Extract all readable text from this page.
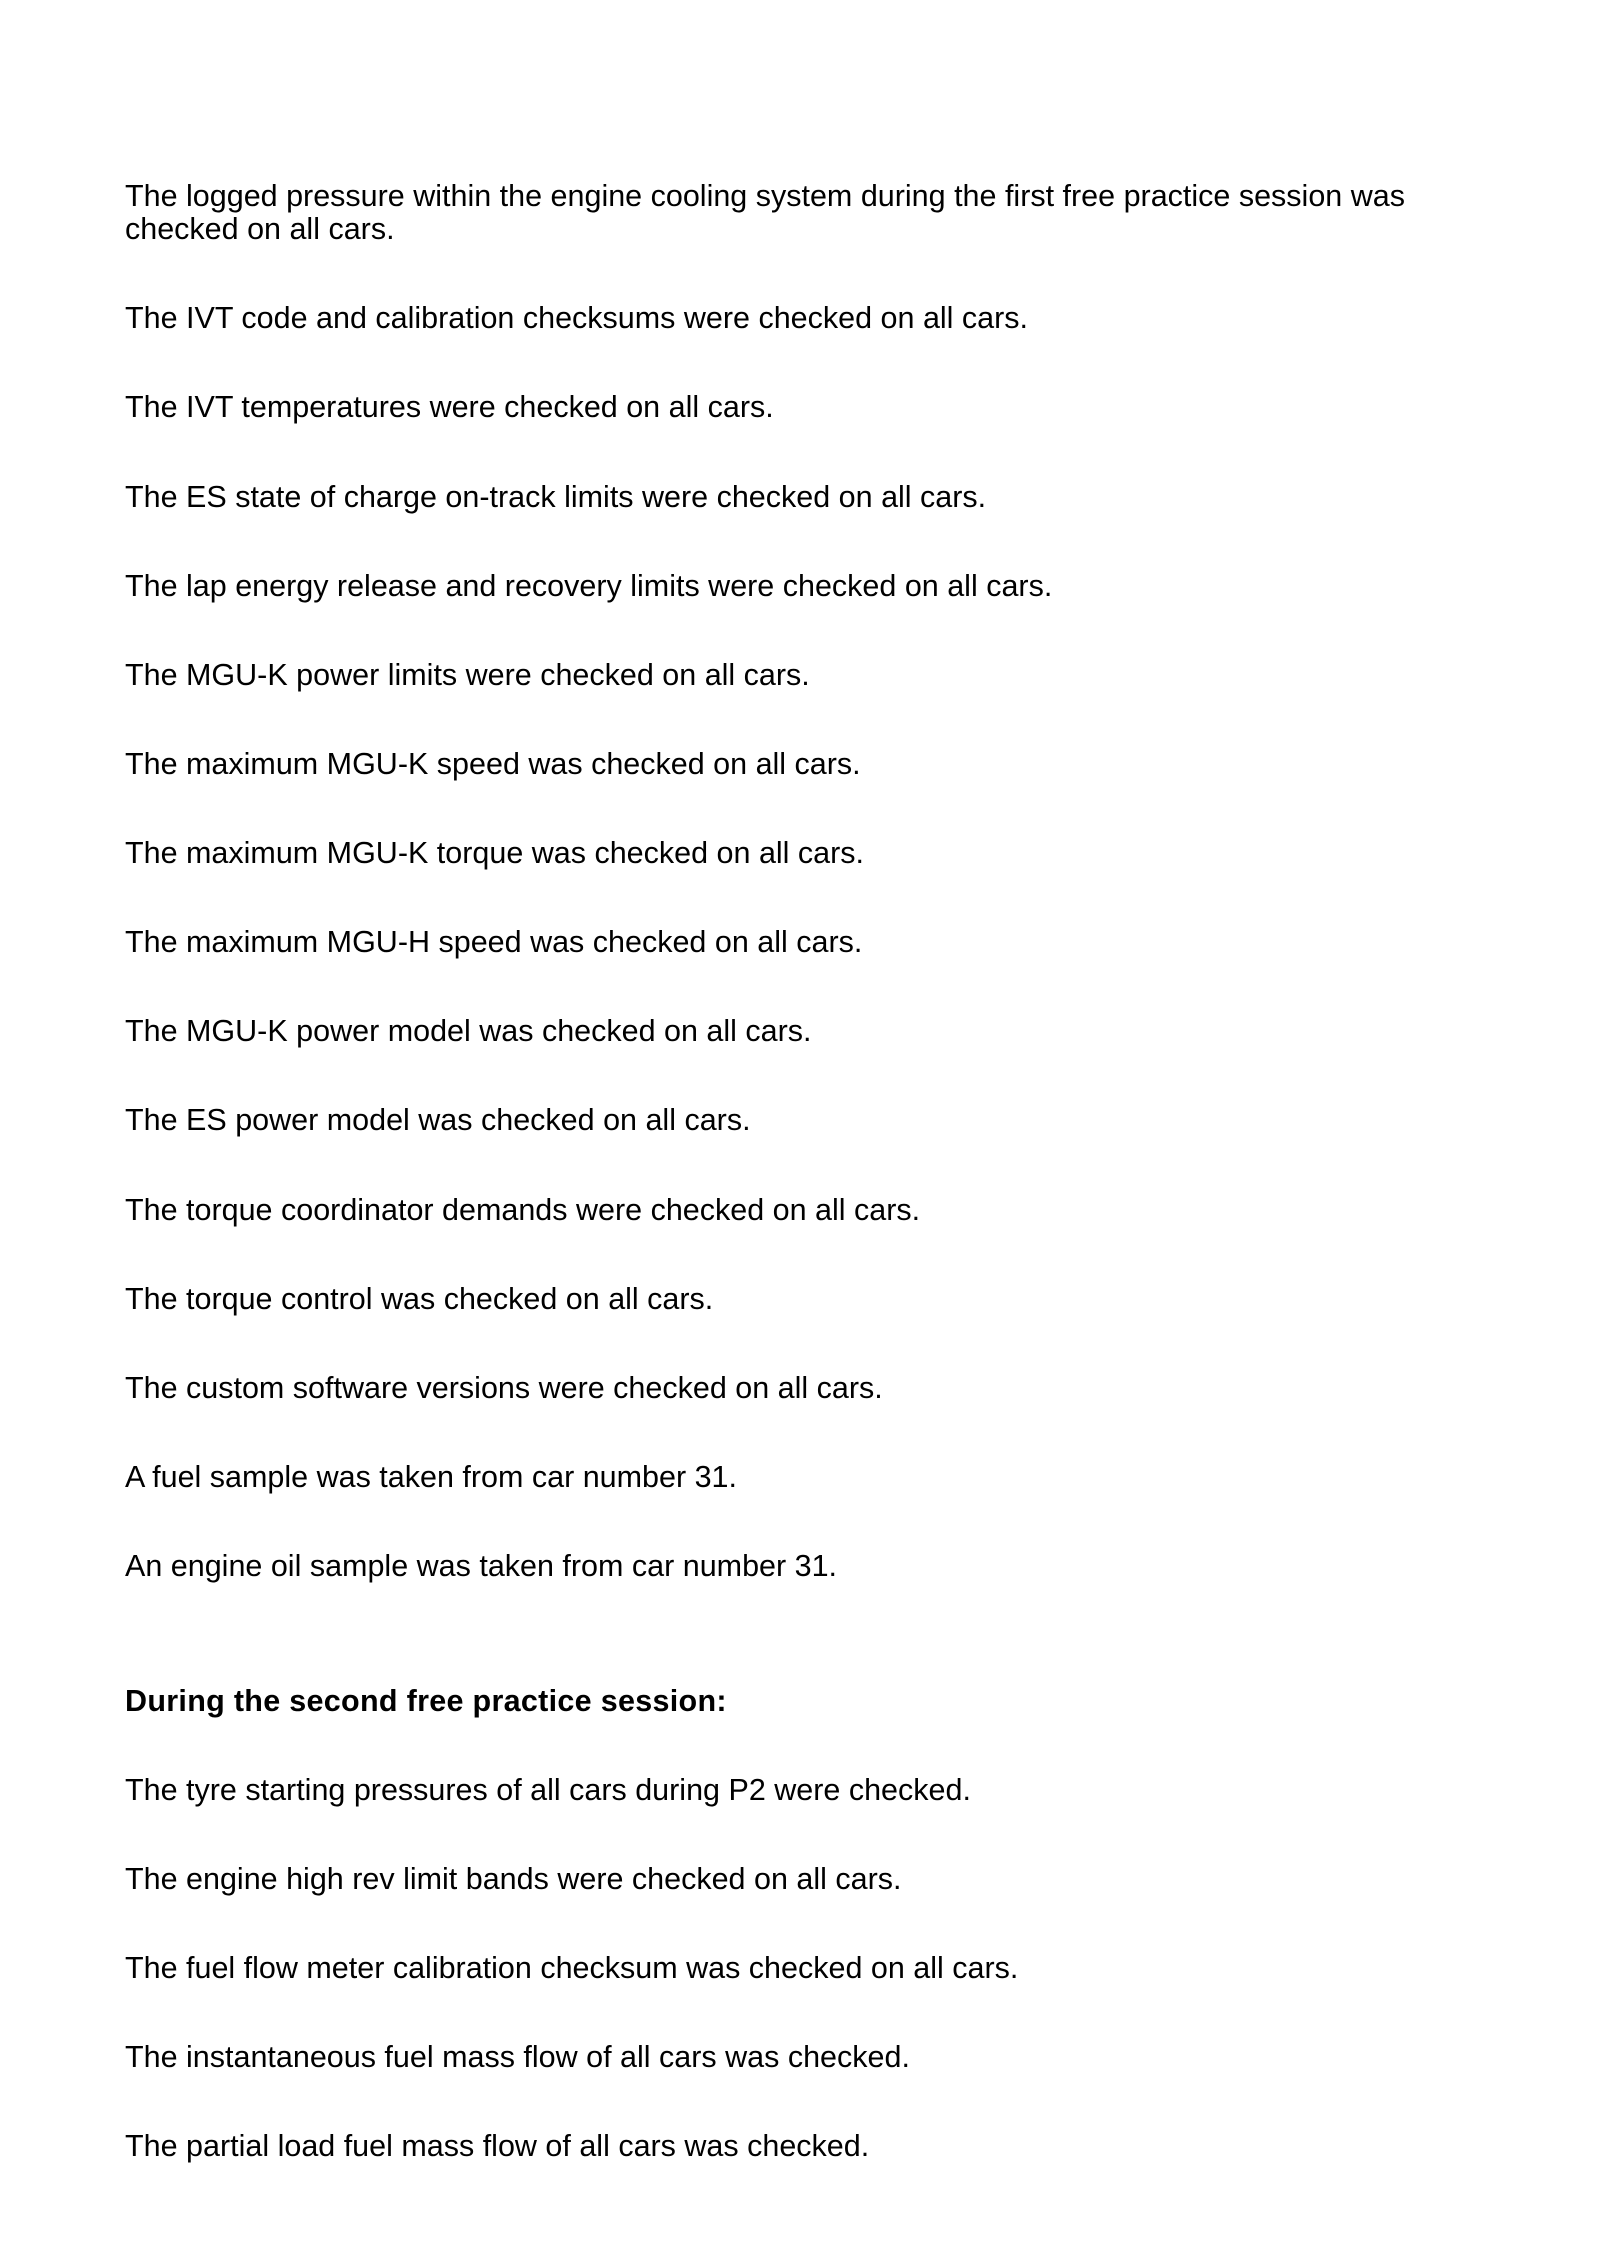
The logged pressure within the engine cooling system during the first free practice session was checked on all cars.

The IVT code and calibration checksums were checked on all cars.

The IVT temperatures were checked on all cars.

The ES state of charge on-track limits were checked on all cars.

The lap energy release and recovery limits were checked on all cars.

The MGU-K power limits were checked on all cars.

The maximum MGU-K speed was checked on all cars.

The maximum MGU-K torque was checked on all cars.

The maximum MGU-H speed was checked on all cars.

The MGU-K power model was checked on all cars.

The ES power model was checked on all cars.

The torque coordinator demands were checked on all cars.

The torque control was checked on all cars.

The custom software versions were checked on all cars.

A fuel sample was taken from car number 31.

An engine oil sample was taken from car number 31.

During the second free practice session:

The tyre starting pressures of all cars during P2 were checked.

The engine high rev limit bands were checked on all cars.

The fuel flow meter calibration checksum was checked on all cars.

The instantaneous fuel mass flow of all cars was checked.

The partial load fuel mass flow of all cars was checked.
